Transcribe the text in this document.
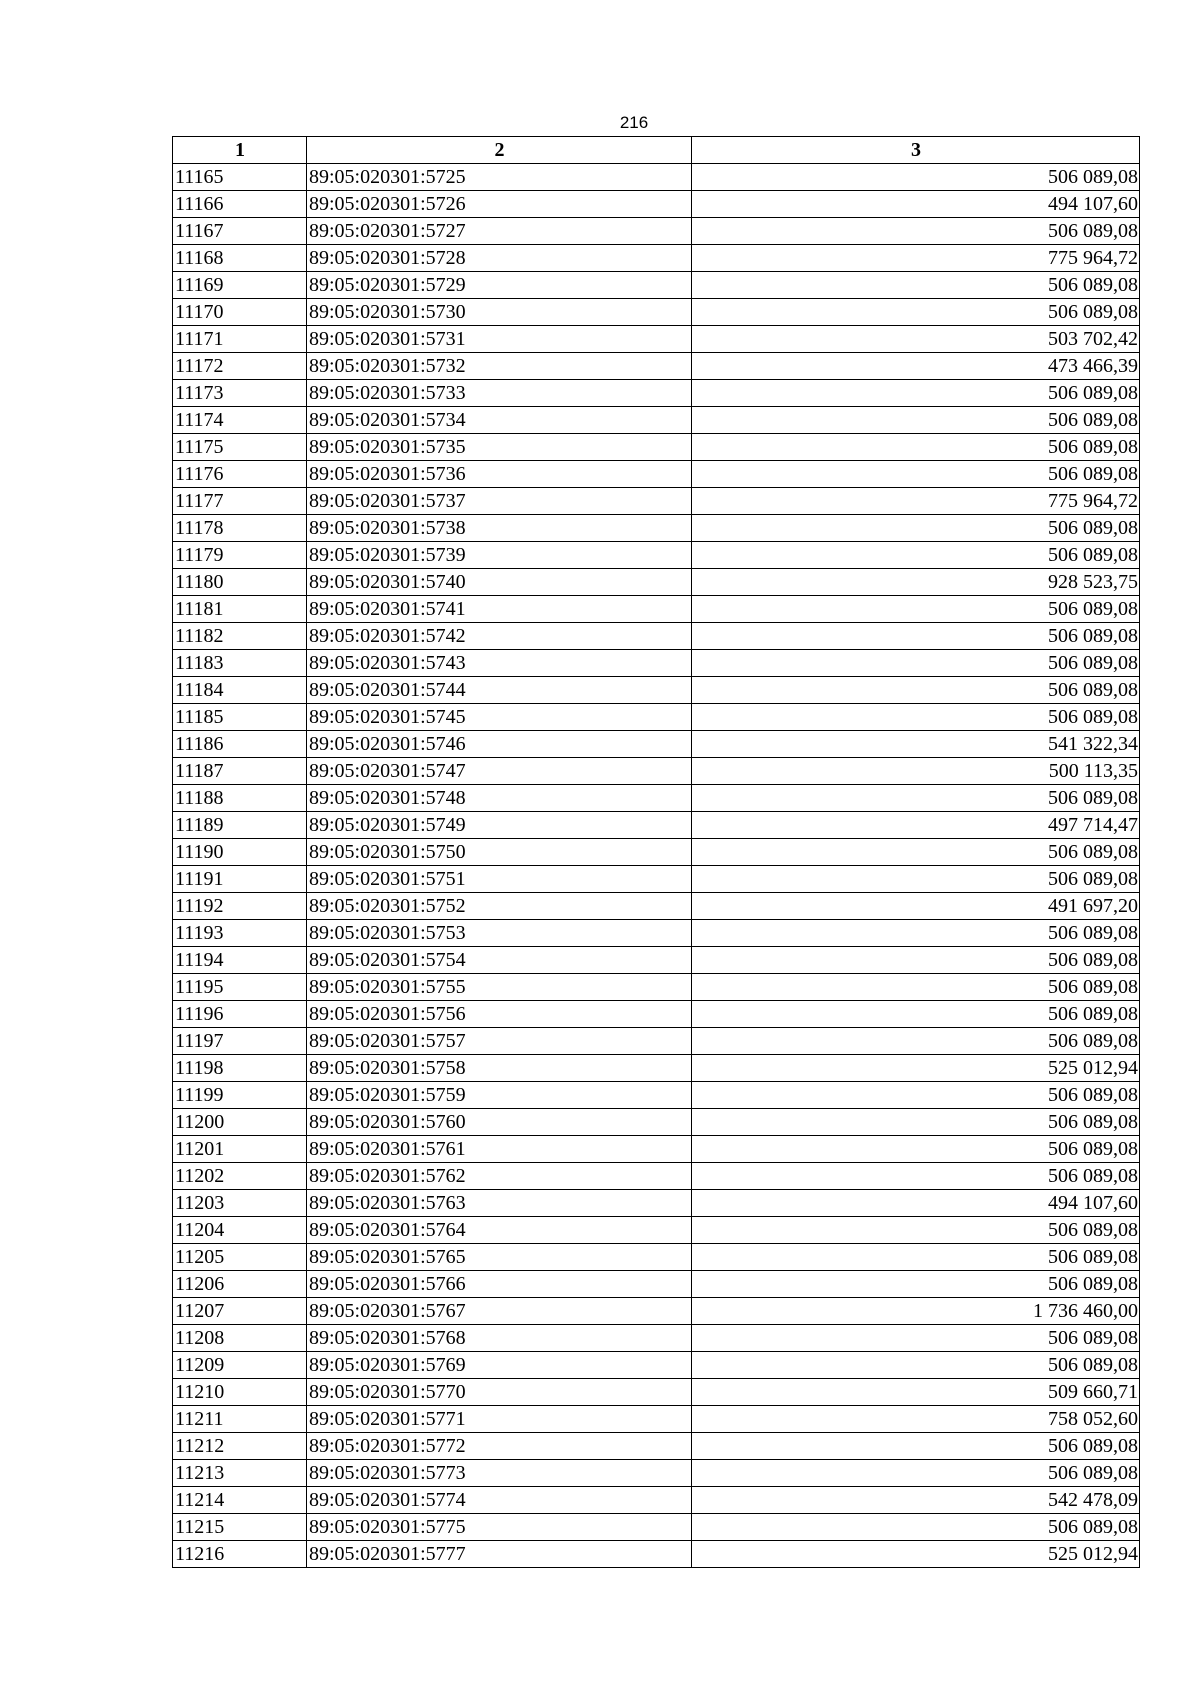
216
1	2	3
11165	89:05:020301:5725	506 089,08
11166	89:05:020301:5726	494 107,60
11167	89:05:020301:5727	506 089,08
11168	89:05:020301:5728	775 964,72
11169	89:05:020301:5729	506 089,08
11170	89:05:020301:5730	506 089,08
11171	89:05:020301:5731	503 702,42
11172	89:05:020301:5732	473 466,39
11173	89:05:020301:5733	506 089,08
11174	89:05:020301:5734	506 089,08
11175	89:05:020301:5735	506 089,08
11176	89:05:020301:5736	506 089,08
11177	89:05:020301:5737	775 964,72
11178	89:05:020301:5738	506 089,08
11179	89:05:020301:5739	506 089,08
11180	89:05:020301:5740	928 523,75
11181	89:05:020301:5741	506 089,08
11182	89:05:020301:5742	506 089,08
11183	89:05:020301:5743	506 089,08
11184	89:05:020301:5744	506 089,08
11185	89:05:020301:5745	506 089,08
11186	89:05:020301:5746	541 322,34
11187	89:05:020301:5747	500 113,35
11188	89:05:020301:5748	506 089,08
11189	89:05:020301:5749	497 714,47
11190	89:05:020301:5750	506 089,08
11191	89:05:020301:5751	506 089,08
11192	89:05:020301:5752	491 697,20
11193	89:05:020301:5753	506 089,08
11194	89:05:020301:5754	506 089,08
11195	89:05:020301:5755	506 089,08
11196	89:05:020301:5756	506 089,08
11197	89:05:020301:5757	506 089,08
11198	89:05:020301:5758	525 012,94
11199	89:05:020301:5759	506 089,08
11200	89:05:020301:5760	506 089,08
11201	89:05:020301:5761	506 089,08
11202	89:05:020301:5762	506 089,08
11203	89:05:020301:5763	494 107,60
11204	89:05:020301:5764	506 089,08
11205	89:05:020301:5765	506 089,08
11206	89:05:020301:5766	506 089,08
11207	89:05:020301:5767	1 736 460,00
11208	89:05:020301:5768	506 089,08
11209	89:05:020301:5769	506 089,08
11210	89:05:020301:5770	509 660,71
11211	89:05:020301:5771	758 052,60
11212	89:05:020301:5772	506 089,08
11213	89:05:020301:5773	506 089,08
11214	89:05:020301:5774	542 478,09
11215	89:05:020301:5775	506 089,08
11216	89:05:020301:5777	525 012,94
